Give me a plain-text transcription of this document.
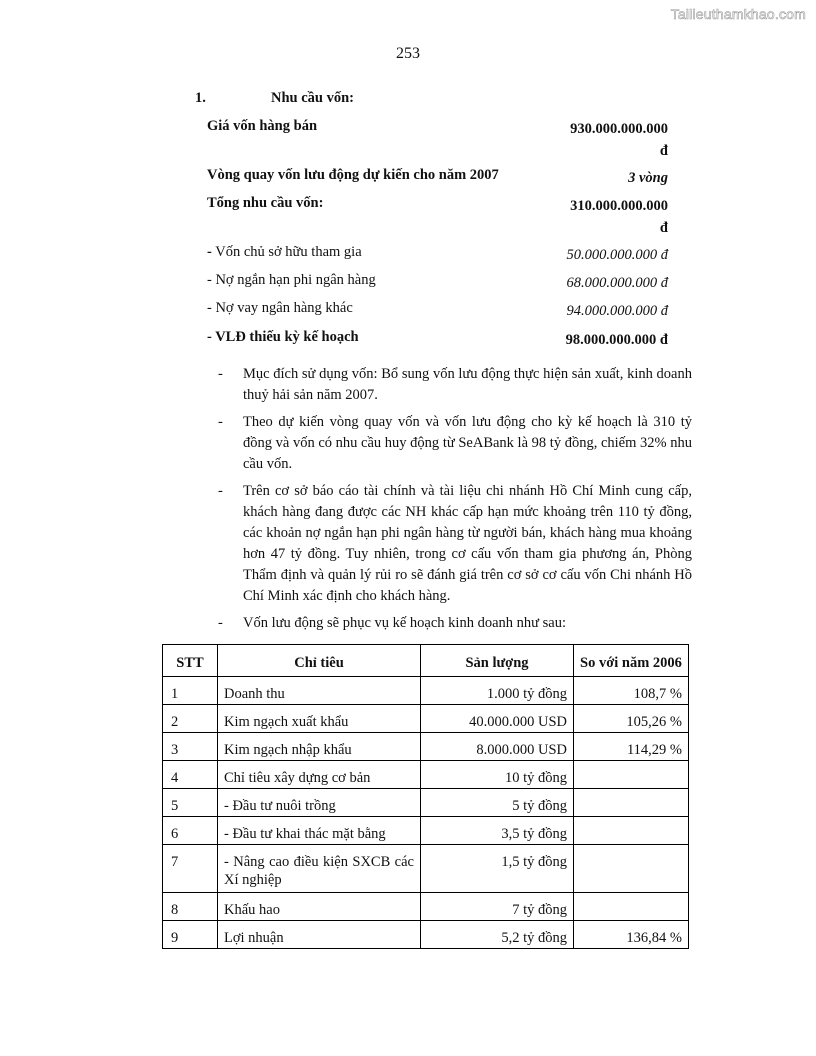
Tailieuthamkhao.com
253
1.	Nhu cầu vốn:
Giá vốn hàng bán	930.000.000.000
đ
Vòng quay vốn lưu động dự kiến cho năm 2007	3 vòng
Tổng nhu cầu vốn:	310.000.000.000
đ
- Vốn chủ sở hữu tham gia	50.000.000.000 đ
- Nợ ngắn hạn phi ngân hàng	68.000.000.000 đ
- Nợ vay ngân hàng khác	94.000.000.000 đ
- VLĐ thiếu kỳ kế hoạch	98.000.000.000 đ
- Mục đích sử dụng vốn: Bổ sung vốn lưu động thực hiện sản xuất, kinh doanh thuỷ hải sản năm 2007.
- Theo dự kiến vòng quay vốn và vốn lưu động cho kỳ kế hoạch là 310 tỷ đồng và vốn có nhu cầu huy động từ SeABank là 98 tỷ đồng, chiếm 32% nhu cầu vốn.
- Trên cơ sở báo cáo tài chính và tài liệu chi nhánh Hồ Chí Minh cung cấp, khách hàng đang được các NH khác cấp hạn mức khoảng trên 110 tỷ đồng, các khoản nợ ngắn hạn phi ngân hàng từ người bán, khách hàng mua khoảng hơn 47 tỷ đồng. Tuy nhiên, trong cơ cấu vốn tham gia phương án, Phòng Thẩm định và quản lý rủi ro sẽ đánh giá trên cơ sở cơ cấu vốn Chi nhánh Hồ Chí Minh xác định cho khách hàng.
- Vốn lưu động sẽ phục vụ kế hoạch kinh doanh như sau:
STT	Chỉ tiêu	Sản lượng	So với năm 2006
1	Doanh thu	1.000 tỷ đồng	108,7 %
2	Kim ngạch xuất khẩu	40.000.000 USD	105,26 %
3	Kim ngạch nhập khẩu	8.000.000 USD	114,29 %
4	Chỉ tiêu xây dựng cơ bản	10 tỷ đồng	
5	- Đầu tư nuôi trồng	5 tỷ đồng	
6	- Đầu tư khai thác mặt bằng	3,5 tỷ đồng	
7	- Nâng cao điều kiện SXCB các Xí nghiệp	1,5 tỷ đồng	
8	Khấu hao	7 tỷ đồng	
9	Lợi nhuận	5,2 tỷ đồng	136,84 %
